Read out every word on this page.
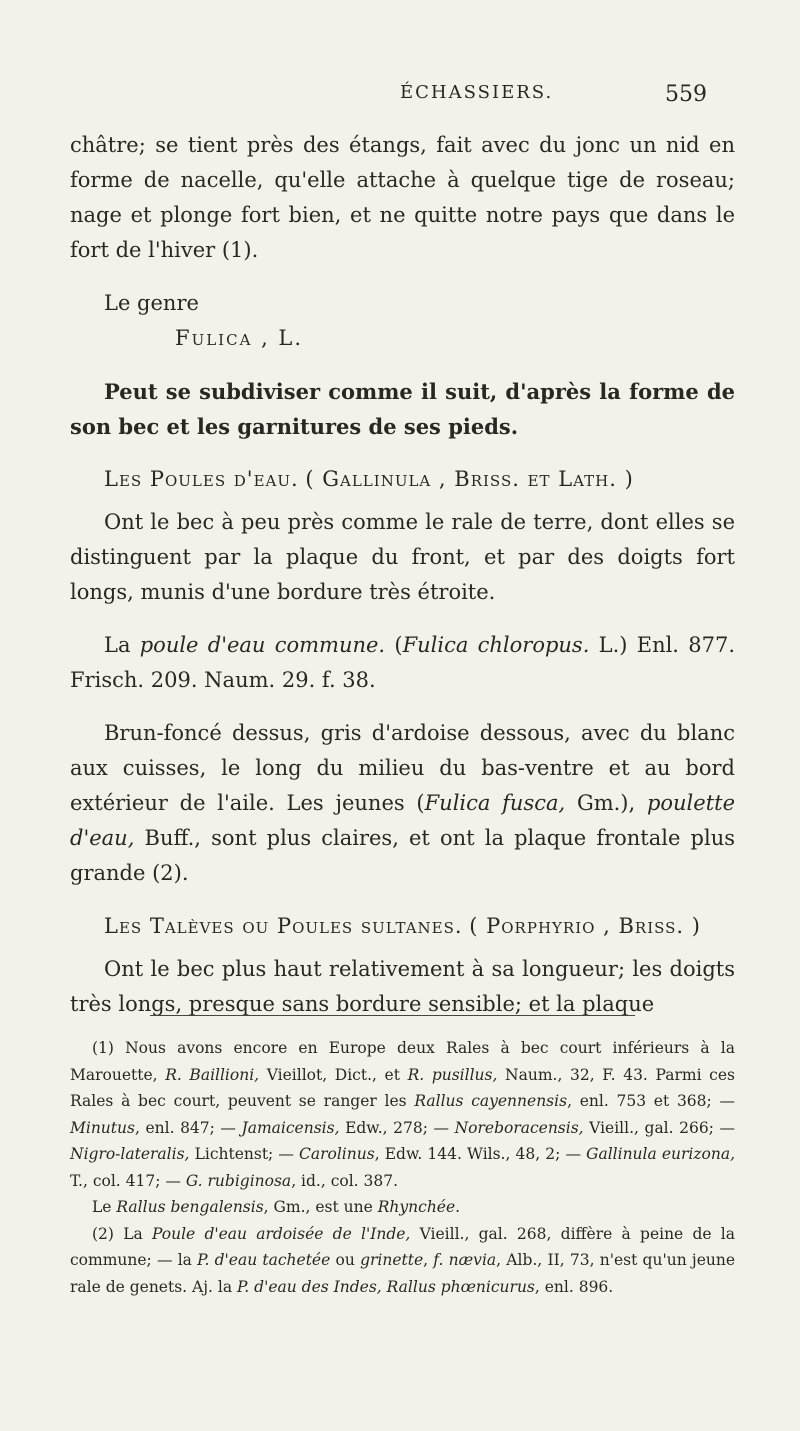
ÉCHASSIERS.	559

châtre; se tient près des étangs, fait avec du jonc un nid en forme de nacelle, qu'elle attache à quelque tige de roseau; nage et plonge fort bien, et ne quitte notre pays que dans le fort de l'hiver (1).

Le genre

Fulica , L.

Peut se subdiviser comme il suit, d'après la forme de son bec et les garnitures de ses pieds.

Les Poules d'eau. ( Gallinula , Briss. et Lath. )

Ont le bec à peu près comme le rale de terre, dont elles se distinguent par la plaque du front, et par des doigts fort longs, munis d'une bordure très étroite.

La poule d'eau commune. (Fulica chloropus. L.) Enl. 877. Frisch. 209. Naum. 29. f. 38.

Brun-foncé dessus, gris d'ardoise dessous, avec du blanc aux cuisses, le long du milieu du bas-ventre et au bord extérieur de l'aile. Les jeunes (Fulica fusca, Gm.), poulette d'eau, Buff., sont plus claires, et ont la plaque frontale plus grande (2).

Les Talèves ou Poules sultanes. ( Porphyrio , Briss. )

Ont le bec plus haut relativement à sa longueur; les doigts très longs, presque sans bordure sensible; et la plaque

(1) Nous avons encore en Europe deux Rales à bec court inférieurs à la Marouette, R. Baillioni, Vieillot, Dict., et R. pusillus, Naum., 32, F. 43. Parmi ces Rales à bec court, peuvent se ranger les Rallus cayennensis, enl. 753 et 368; — Minutus, enl. 847; — Jamaicensis, Edw., 278; — Noreboracensis, Vieill., gal. 266; — Nigro-lateralis, Lichtenst; — Carolinus, Edw. 144. Wils., 48, 2; — Gallinula eurizona, T., col. 417; — G. rubiginosa, id., col. 387.

Le Rallus bengalensis, Gm., est une Rhynchée.

(2) La Poule d'eau ardoisée de l'Inde, Vieill., gal. 268, diffère à peine de la commune; — la P. d'eau tachetée ou grinette, f. nævia, Alb., II, 73, n'est qu'un jeune rale de genets. Aj. la P. d'eau des Indes, Rallus phœnicurus, enl. 896.
